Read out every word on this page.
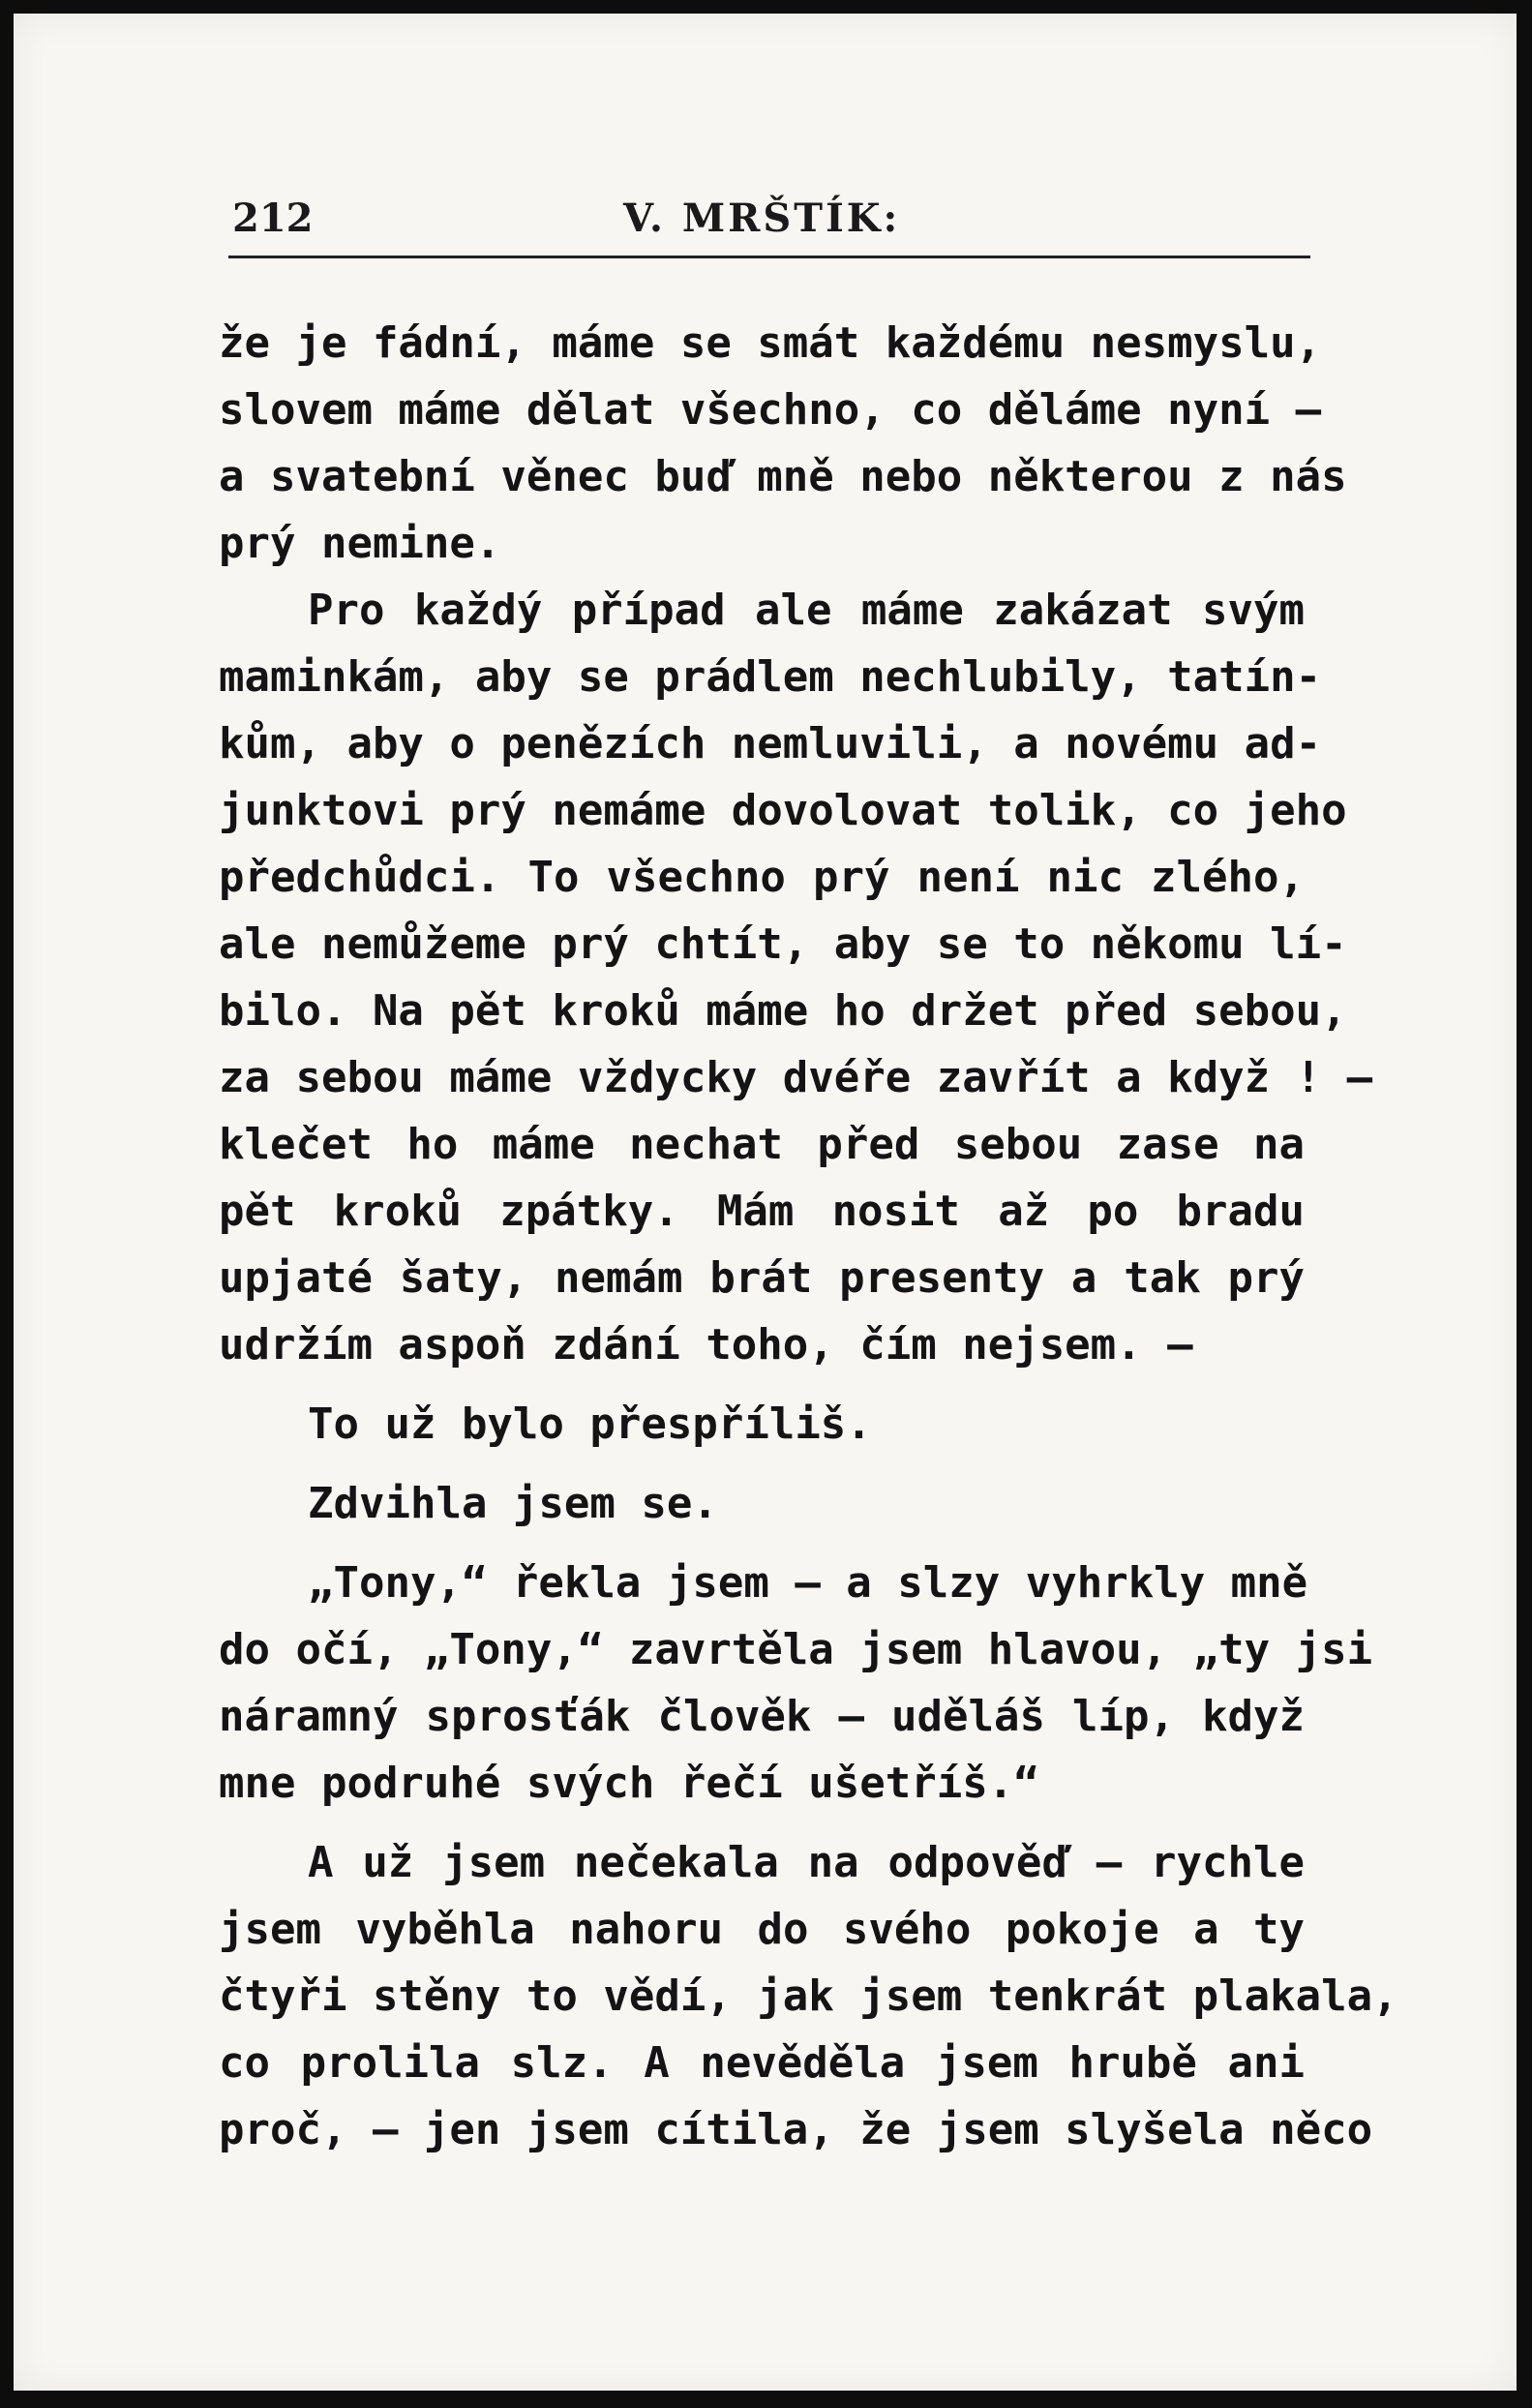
212	V. MRŠTÍK:
že je fádní, máme se smát každému nesmyslu,
slovem máme dělat všechno, co děláme nyní —
a svatební věnec buď mně nebo některou z nás
prý nemine.
Pro každý případ ale máme zakázat svým
maminkám, aby se prádlem nechlubily, tatín-
kům, aby o penězích nemluvili, a novému ad-
junktovi prý nemáme dovolovat tolik, co jeho
předchůdci. To všechno prý není nic zlého,
ale nemůžeme prý chtít, aby se to někomu lí-
bilo. Na pět kroků máme ho držet před sebou,
za sebou máme vždycky dvéře zavřít a když ! —
klečet ho máme nechat před sebou zase na
pět kroků zpátky. Mám nosit až po bradu
upjaté šaty, nemám brát presenty a tak prý
udržím aspoň zdání toho, čím nejsem. —
To už bylo přespříliš.
Zdvihla jsem se.
„Tony,“ řekla jsem — a slzy vyhrkly mně
do očí, „Tony,“ zavrtěla jsem hlavou, „ty jsi
náramný sprosťák člověk — uděláš líp, když
mne podruhé svých řečí ušetříš.“
A už jsem nečekala na odpověď — rychle
jsem vyběhla nahoru do svého pokoje a ty
čtyři stěny to vědí, jak jsem tenkrát plakala,
co prolila slz. A nevěděla jsem hrubě ani
proč, — jen jsem cítila, že jsem slyšela něco
